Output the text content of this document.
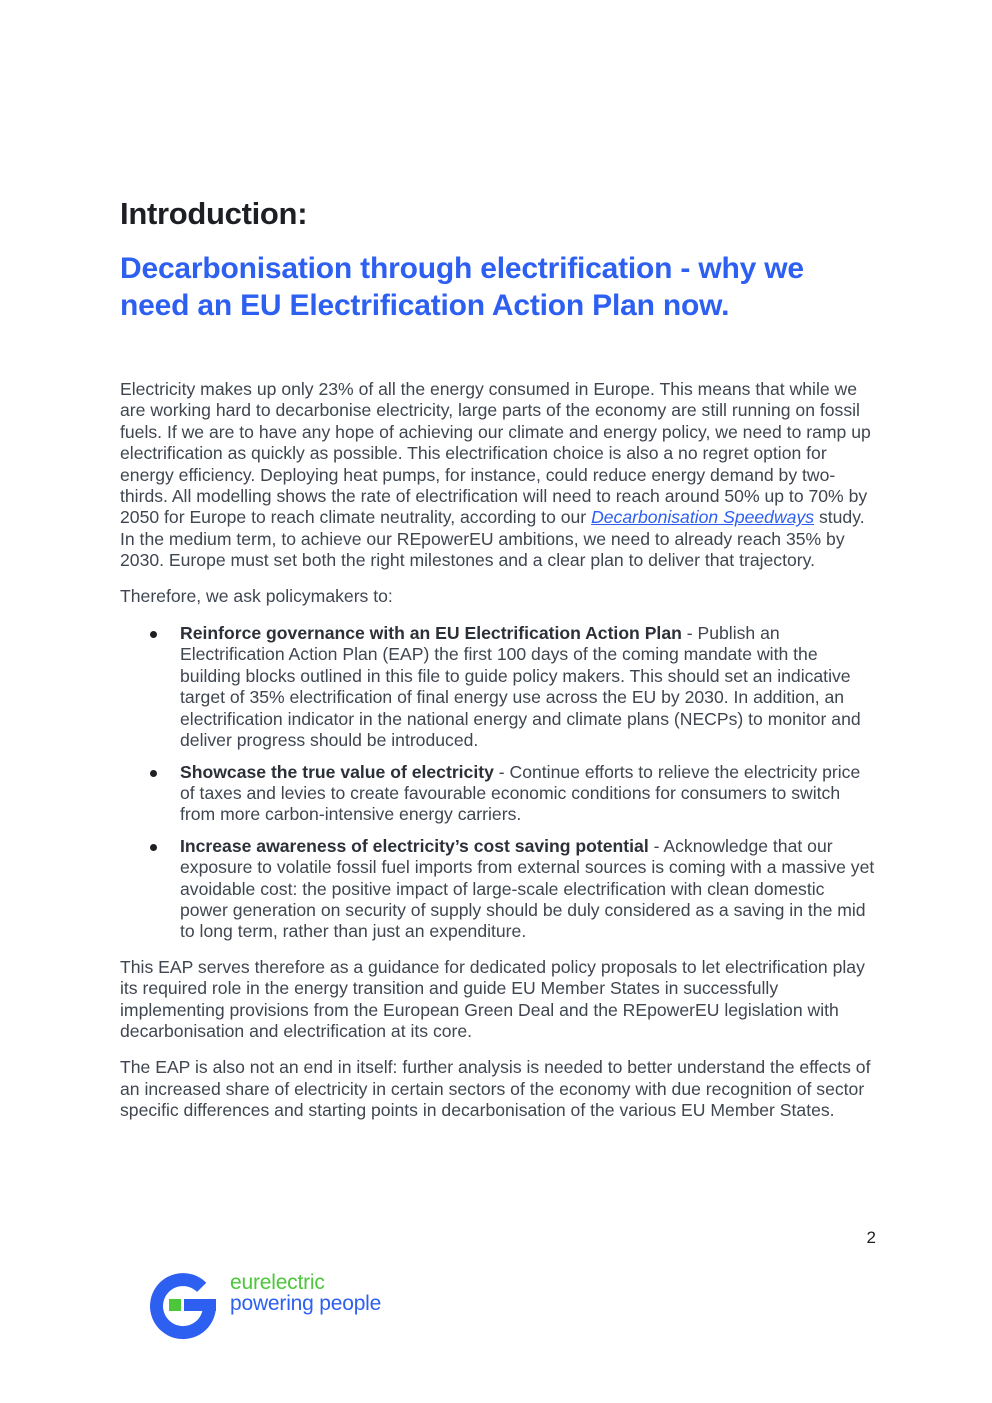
Introduction:
Decarbonisation through electrification - why we need an EU Electrification Action Plan now.

Electricity makes up only 23% of all the energy consumed in Europe. This means that while we are working hard to decarbonise electricity, large parts of the economy are still running on fossil fuels. If we are to have any hope of achieving our climate and energy policy, we need to ramp up electrification as quickly as possible. This electrification choice is also a no regret option for energy efficiency. Deploying heat pumps, for instance, could reduce energy demand by two-thirds. All modelling shows the rate of electrification will need to reach around 50% up to 70% by 2050 for Europe to reach climate neutrality, according to our Decarbonisation Speedways study. In the medium term, to achieve our REpowerEU ambitions, we need to already reach 35% by 2030. Europe must set both the right milestones and a clear plan to deliver that trajectory.

Therefore, we ask policymakers to:

Reinforce governance with an EU Electrification Action Plan - Publish an Electrification Action Plan (EAP) the first 100 days of the coming mandate with the building blocks outlined in this file to guide policy makers. This should set an indicative target of 35% electrification of final energy use across the EU by 2030. In addition, an electrification indicator in the national energy and climate plans (NECPs) to monitor and deliver progress should be introduced.
Showcase the true value of electricity - Continue efforts to relieve the electricity price of taxes and levies to create favourable economic conditions for consumers to switch from more carbon-intensive energy carriers.
Increase awareness of electricity’s cost saving potential - Acknowledge that our exposure to volatile fossil fuel imports from external sources is coming with a massive yet avoidable cost: the positive impact of large-scale electrification with clean domestic power generation on security of supply should be duly considered as a saving in the mid to long term, rather than just an expenditure.

This EAP serves therefore as a guidance for dedicated policy proposals to let electrification play its required role in the energy transition and guide EU Member States in successfully implementing provisions from the European Green Deal and the REpowerEU legislation with decarbonisation and electrification at its core.

The EAP is also not an end in itself: further analysis is needed to better understand the effects of an increased share of electricity in certain sectors of the economy with due recognition of sector specific differences and starting points in decarbonisation of the various EU Member States.

2
eurelectric
powering people
